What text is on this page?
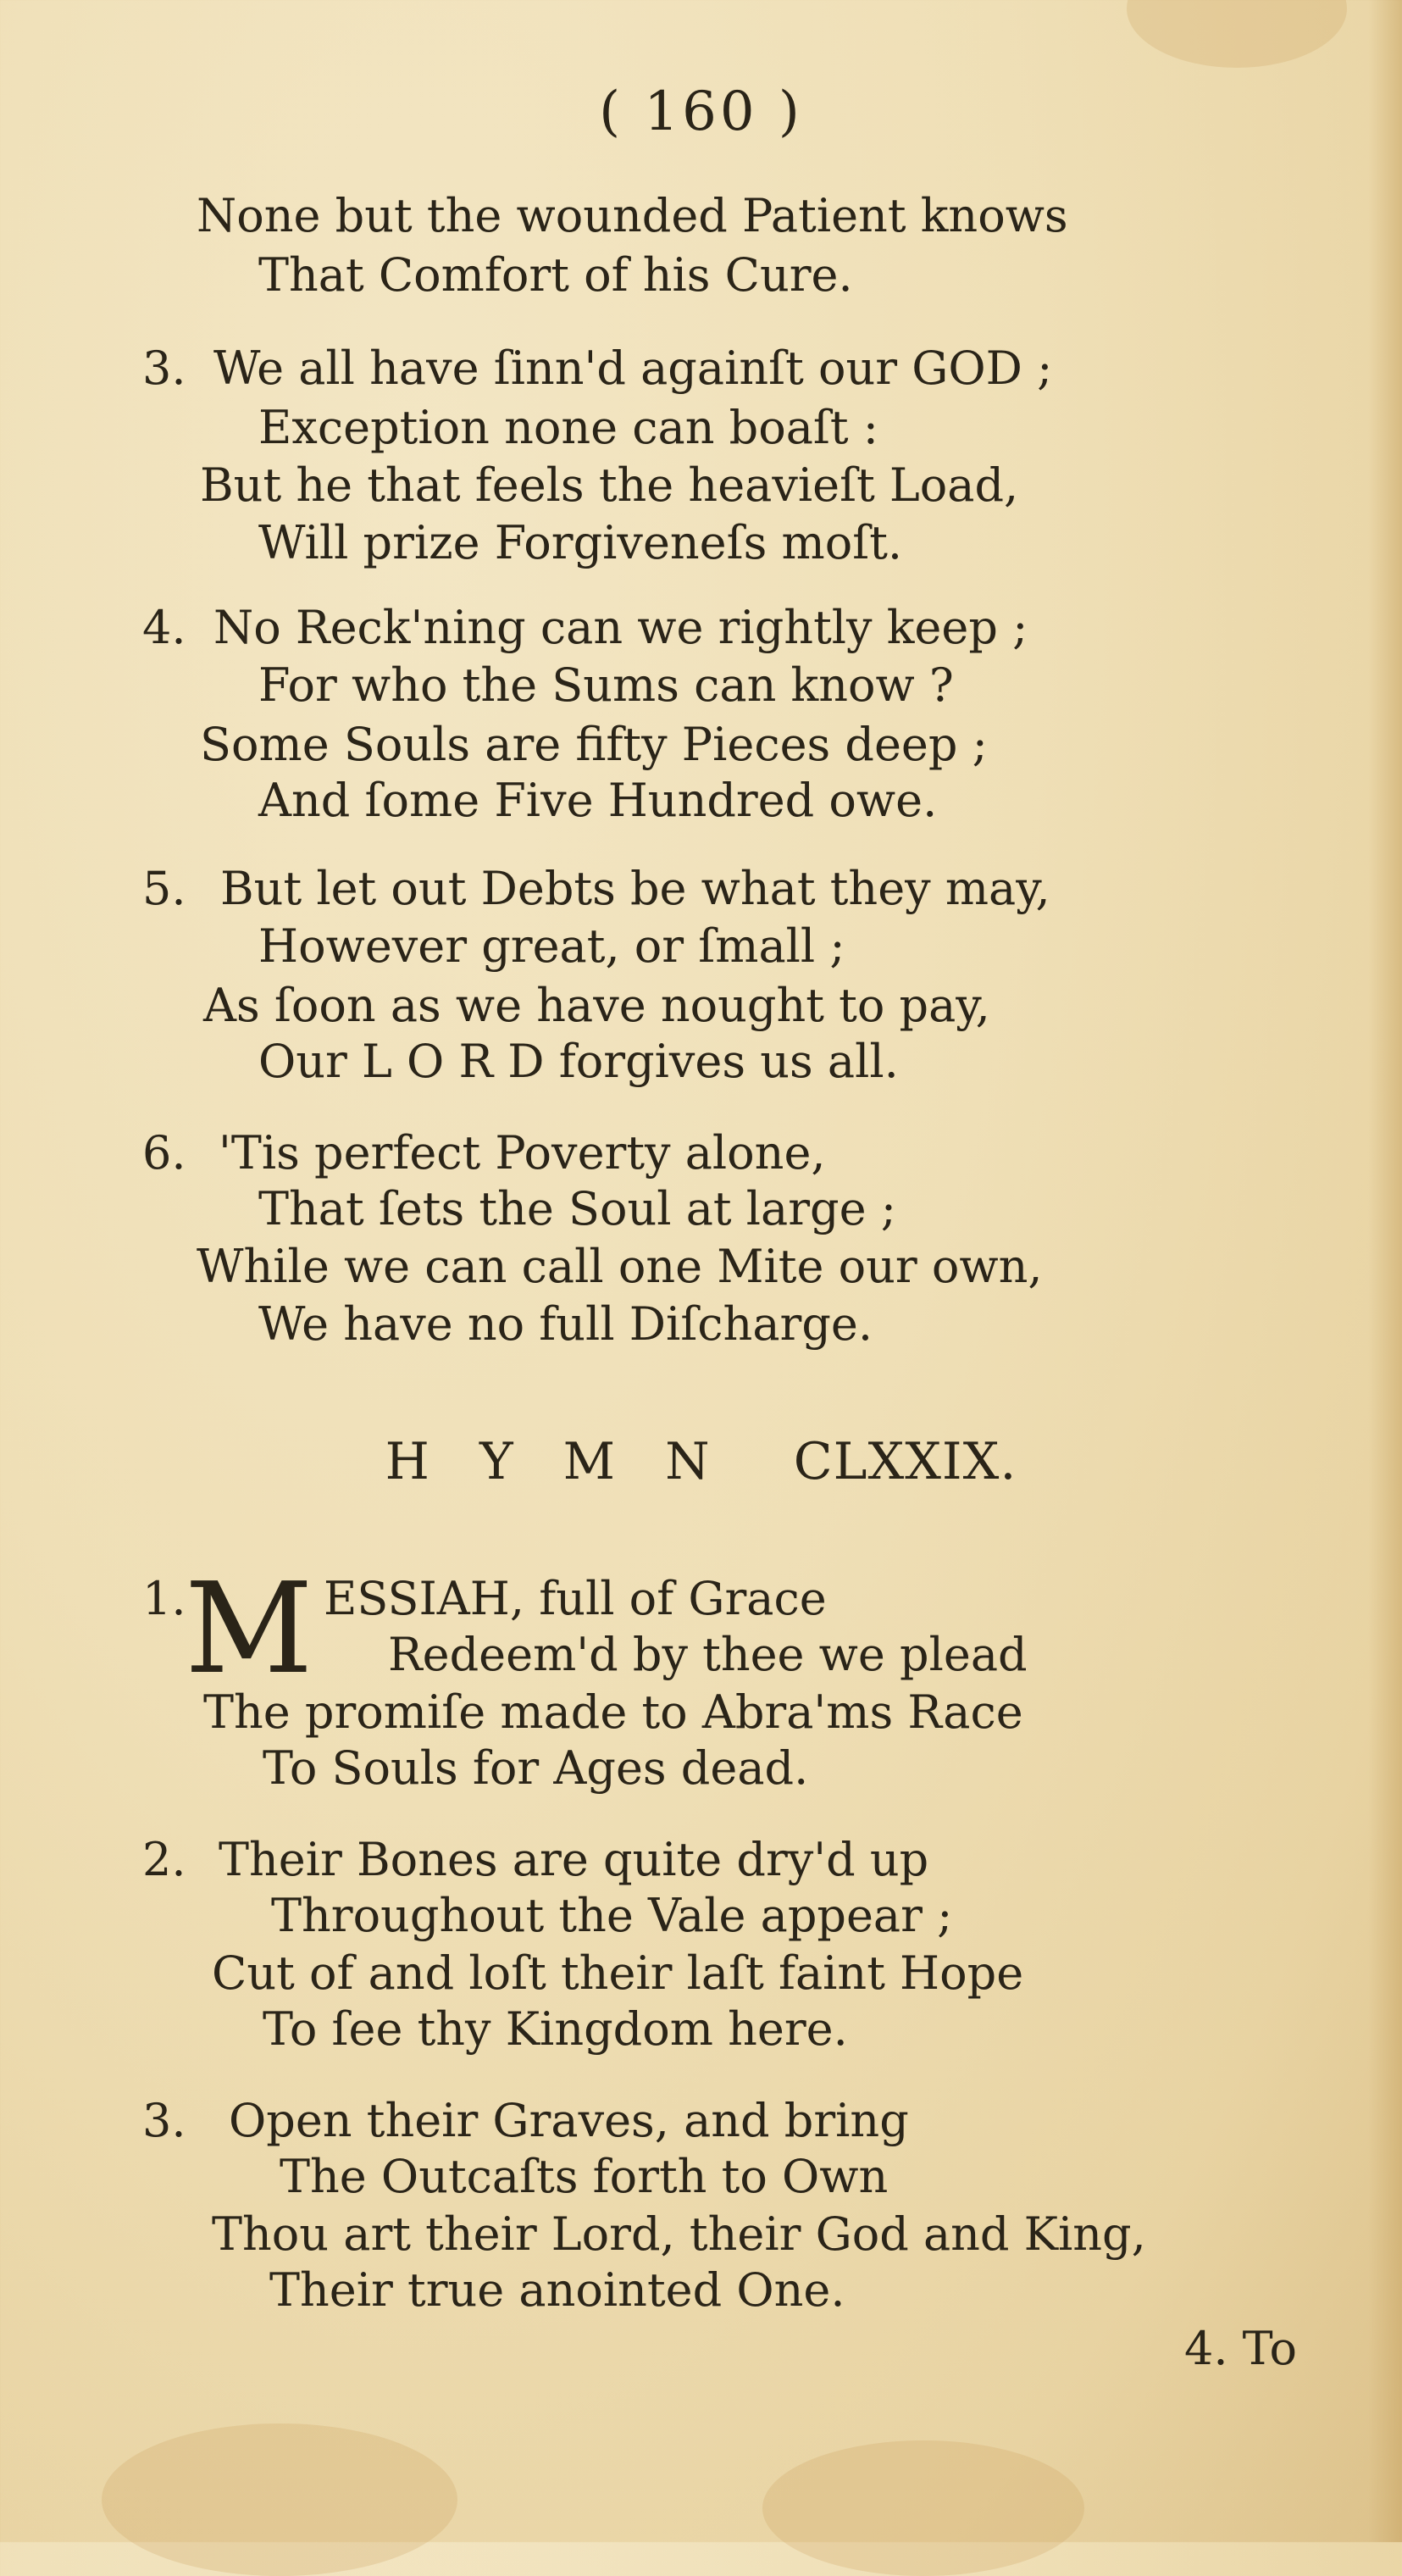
( 160 )
None but the wounded Patient knows
That Comfort of his Cure.
3. We all have ſinn'd againſt our GOD ;
Exception none can boaſt :
But he that feels the heavieſt Load,
Will prize Forgiveneſs moſt.
4. No Reck'ning can we rightly keep ;
For who the Sums can know ?
Some Souls are fifty Pieces deep ;
And ſome Five Hundred owe.
5. But let out Debts be what they may,
However great, or ſmall ;
As ſoon as we have nought to pay,
Our L O R D forgives us all.
6. 'Tis perfect Poverty alone,
That ſets the Soul at large ;
While we can call one Mite our own,
We have no full Diſcharge.
H Y M N CLXXIX.
1.
M ESSIAH, full of Grace
Redeem'd by thee we plead
The promiſe made to Abra'ms Race
To Souls for Ages dead.
2. Their Bones are quite dry'd up
Throughout the Vale appear ;
Cut of and loſt their laſt faint Hope
To ſee thy Kingdom here.
3. Open their Graves, and bring
The Outcaſts forth to Own
Thou art their Lord, their God and King,
Their true anointed One.
4. To
